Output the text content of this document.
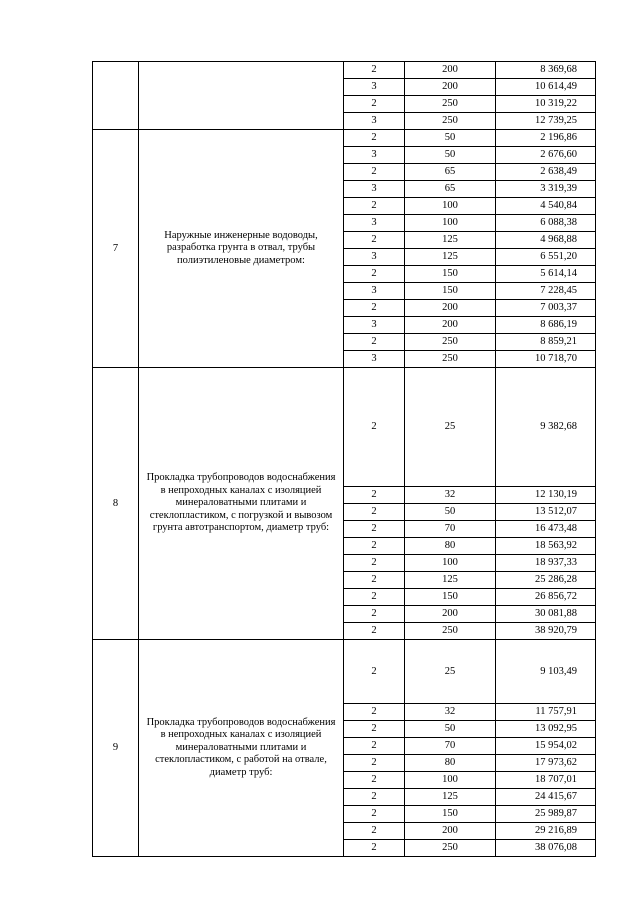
		2	200	8 369,68
		3	200	10 614,49
		2	250	10 319,22
		3	250	12 739,25
7	Наружные инженерные водоводы, разработка грунта в отвал, трубы полиэтиленовые диаметром:	2	50	2 196,86
		3	50	2 676,60
		2	65	2 638,49
		3	65	3 319,39
		2	100	4 540,84
		3	100	6 088,38
		2	125	4 968,88
		3	125	6 551,20
		2	150	5 614,14
		3	150	7 228,45
		2	200	7 003,37
		3	200	8 686,19
		2	250	8 859,21
		3	250	10 718,70
8	Прокладка трубопроводов водоснабжения в непроходных каналах с изоляцией минераловатными плитами и стеклопластиком, с погрузкой и вывозом грунта автотранспортом, диаметр труб:	2	25	9 382,68
		2	32	12 130,19
		2	50	13 512,07
		2	70	16 473,48
		2	80	18 563,92
		2	100	18 937,33
		2	125	25 286,28
		2	150	26 856,72
		2	200	30 081,88
		2	250	38 920,79
9	Прокладка трубопроводов водоснабжения в непроходных каналах с изоляцией минераловатными плитами и стеклопластиком, с работой на отвале, диаметр труб:	2	25	9 103,49
		2	32	11 757,91
		2	50	13 092,95
		2	70	15 954,02
		2	80	17 973,62
		2	100	18 707,01
		2	125	24 415,67
		2	150	25 989,87
		2	200	29 216,89
		2	250	38 076,08
